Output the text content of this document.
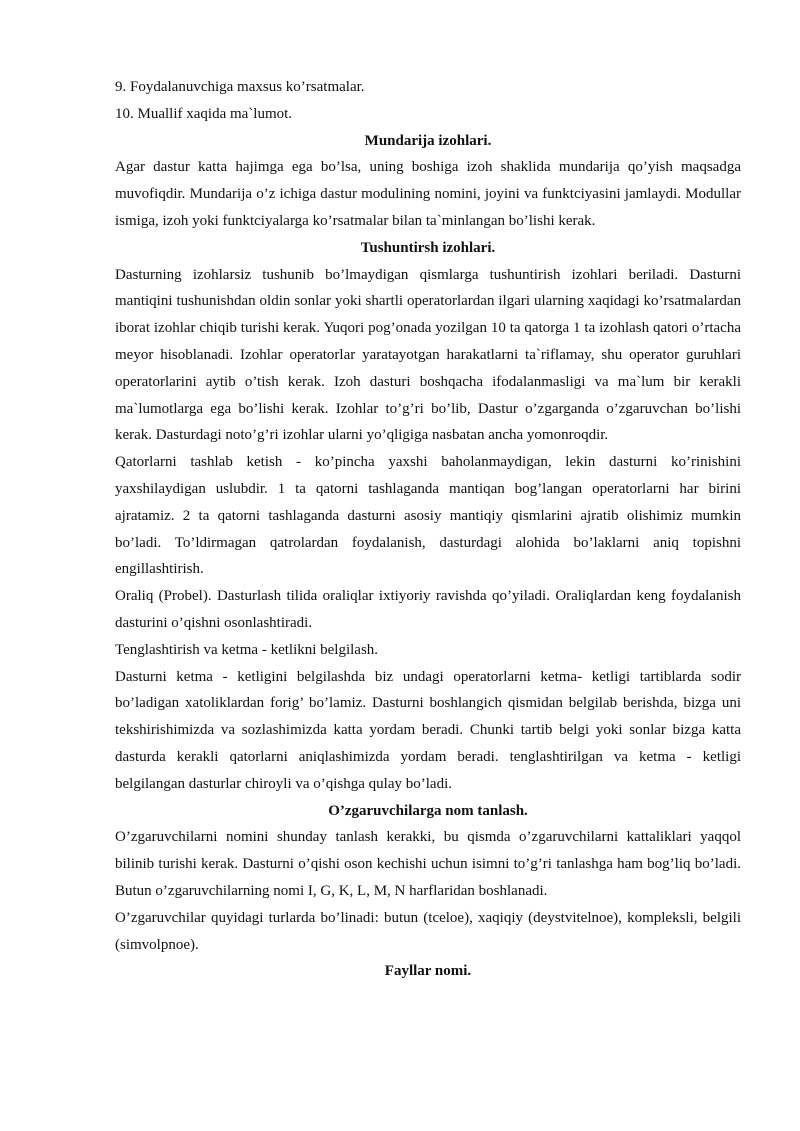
9. Foydalanuvchiga maxsus ko’rsatmalar.

10. Muallif xaqida ma`lumot.

Mundarija izohlari.

Agar dastur katta hajimga ega bo’lsa, uning boshiga izoh shaklida mundarija qo’yish maqsadga muvofiqdir. Mundarija o’z ichiga dastur modulining nomini, joyini va funktciyasini jamlaydi. Modullar ismiga, izoh yoki funktciyalarga ko’rsatmalar bilan ta`minlangan bo’lishi kerak.

Tushuntirsh izohlari.

Dasturning izohlarsiz tushunib bo’lmaydigan qismlarga tushuntirish izohlari beriladi. Dasturni mantiqini tushunishdan oldin sonlar yoki shartli operatorlardan ilgari ularning xaqidagi ko’rsatmalardan iborat izohlar chiqib turishi kerak. Yuqori pog’onada yozilgan 10 ta qatorga 1 ta izohlash qatori o’rtacha meyor hisoblanadi. Izohlar operatorlar yaratayotgan harakatlarni ta`riflamay, shu operator guruhlari operatorlarini aytib o’tish kerak. Izoh dasturi boshqacha ifodalanmasligi va ma`lum bir kerakli ma`lumotlarga ega bo’lishi kerak. Izohlar to’g’ri bo’lib, Dastur o’zgarganda o’zgaruvchan bo’lishi kerak. Dasturdagi noto’g’ri izohlar ularni yo’qligiga nasbatan ancha yomonroqdir.

Qatorlarni tashlab ketish - ko’pincha yaxshi baholanmaydigan, lekin dasturni ko’rinishini yaxshilaydigan uslubdir. 1 ta qatorni tashlaganda mantiqan bog’langan operatorlarni har birini ajratamiz. 2 ta qatorni tashlaganda dasturni asosiy mantiqiy qismlarini ajratib olishimiz mumkin bo’ladi. To’ldirmagan qatrolardan foydalanish, dasturdagi alohida bo’laklarni aniq topishni engillashtirish.

Oraliq (Probel). Dasturlash tilida oraliqlar ixtiyoriy ravishda qo’yiladi. Oraliqlardan keng foydalanish dasturini o’qishni osonlashtiradi.

Tenglashtirish va ketma - ketlikni belgilash.

Dasturni ketma - ketligini belgilashda biz undagi operatorlarni ketma- ketligi tartiblarda sodir bo’ladigan xatoliklardan forig’ bo’lamiz. Dasturni boshlangich qismidan belgilab berishda, bizga uni tekshirishimizda va sozlashimizda katta yordam beradi. Chunki tartib belgi yoki sonlar bizga katta dasturda kerakli qatorlarni aniqlashimizda yordam beradi. tenglashtirilgan va ketma - ketligi belgilangan dasturlar chiroyli va o’qishga qulay bo’ladi.

O’zgaruvchilarga nom tanlash.

O’zgaruvchilarni nomini shunday tanlash kerakki, bu qismda o’zgaruvchilarni kattaliklari yaqqol bilinib turishi kerak. Dasturni o’qishi oson kechishi uchun isimni to’g’ri tanlashga ham bog’liq bo’ladi. Butun o’zgaruvchilarning nomi I, G, K, L, M, N harflaridan boshlanadi.

O’zgaruvchilar quyidagi turlarda bo’linadi: butun (tceloe), xaqiqiy (deystvitelnoe), kompleksli, belgili (simvolpnoe).

Fayllar nomi.
